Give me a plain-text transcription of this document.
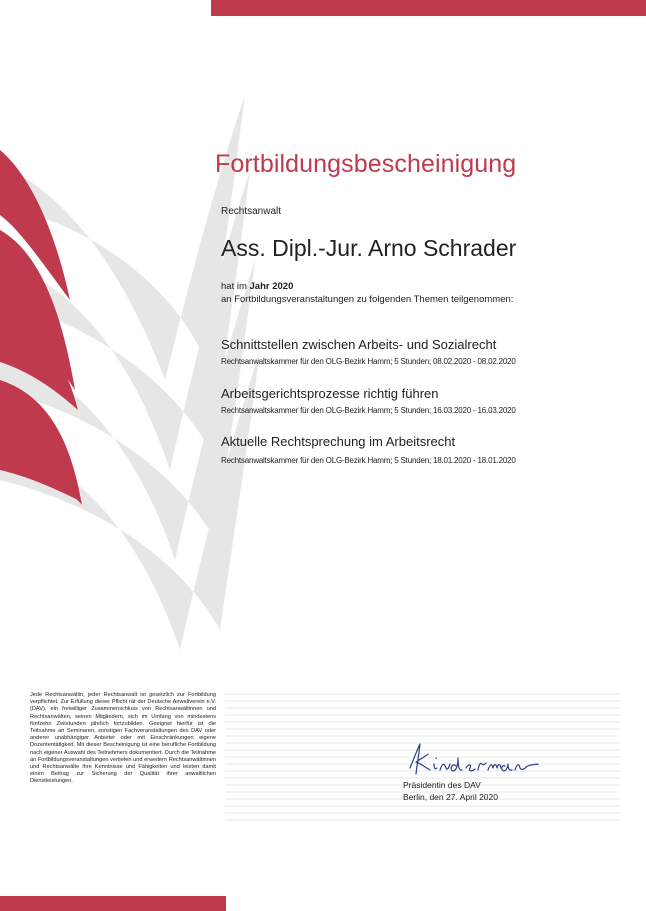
Fortbildungsbescheinigung
Rechtsanwalt
Ass. Dipl.-Jur. Arno Schrader
hat im Jahr 2020
an Fortbildungsveranstaltungen zu folgenden Themen teilgenommen:
Schnittstellen zwischen Arbeits- und Sozialrecht
Rechtsanwaltskammer für den OLG-Bezirk Hamm; 5 Stunden; 08.02.2020 - 08.02.2020
Arbeitsgerichtsprozesse richtig führen
Rechtsanwaltskammer für den OLG-Bezirk Hamm; 5 Stunden; 16.03.2020 - 16.03.2020
Aktuelle Rechtsprechung im Arbeitsrecht
Rechtsanwaltskammer für den OLG-Bezirk Hamm; 5 Stunden; 18.01.2020 - 18.01.2020
Jede Rechtsanwältin, jeder Rechtsanwalt ist gesetzlich zur Fortbildung verpflichtet. Zur Erfüllung dieser Pflicht rät der Deutsche Anwaltverein e.V. (DAV), ein freiwilliger Zusammenschluss von Rechtsanwältinnen und Rechtsanwälten, seinen Mitgliedern, sich im Umfang von mindestens fünfzehn Zeitstunden jährlich fortzubilden. Geeignet hierfür ist die Teilnahme an Seminaren, sonstigen Fachveranstaltungen des DAV oder anderer unabhängiger Anbieter oder mit Einschränkungen eigene Dozententätigkeit. Mit dieser Bescheinigung ist eine berufliche Fortbildung nach eigener Auswahl des Teilnehmers dokumentiert. Durch die Teilnahme an Fortbildungsveranstaltungen vertiefen und erweitern Rechtsanwältinnen und Rechtsanwälte ihre Kenntnisse und Fähigkeiten und leisten damit einen Beitrag zur Sicherung der Qualität ihrer anwaltlichen Dienstleistungen.	Präsidentin des DAV
Berlin, den 27. April 2020
